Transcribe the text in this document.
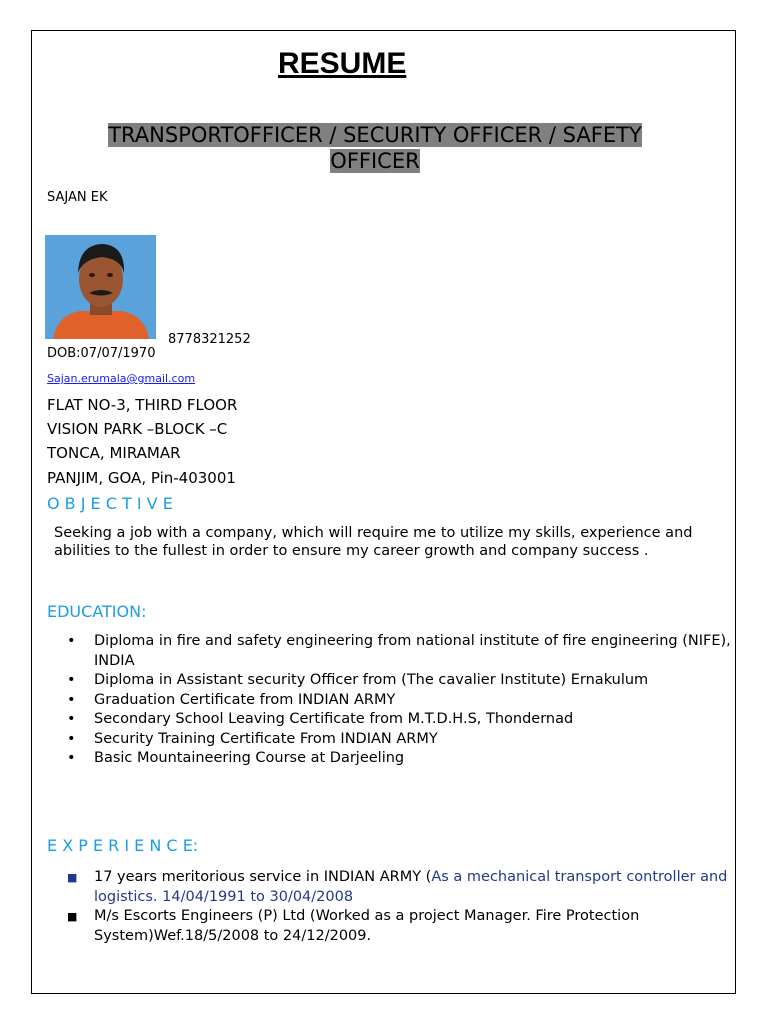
RESUME
TRANSPORTOFFICER / SECURITY OFFICER / SAFETY
OFFICER
SAJAN EK
8778321252
DOB:07/07/1970
Sajan.erumala@gmail.com
FLAT NO-3, THIRD FLOOR
VISION PARK –BLOCK –C
TONCA, MIRAMAR
PANJIM, GOA, Pin-403001
O B J E C T I V E
Seeking a job with a company, which will require me to utilize my skills, experience and abilities to the fullest in order to ensure my career growth and company success .
EDUCATION:
• Diploma in fire and safety engineering from national institute of fire engineering (NIFE), INDIA
• Diploma in Assistant security Officer from (The cavalier Institute) Ernakulum
• Graduation Certificate from INDIAN ARMY
• Secondary School Leaving Certificate from M.T.D.H.S, Thondernad
• Security Training Certificate From INDIAN ARMY
• Basic Mountaineering Course at Darjeeling
E X P E R I E N C E:
■ 17 years meritorious service in INDIAN ARMY (As a mechanical transport controller and logistics. 14/04/1991 to 30/04/2008
■ M/s Escorts Engineers (P) Ltd (Worked as a project Manager. Fire Protection System)Wef.18/5/2008 to 24/12/2009.
